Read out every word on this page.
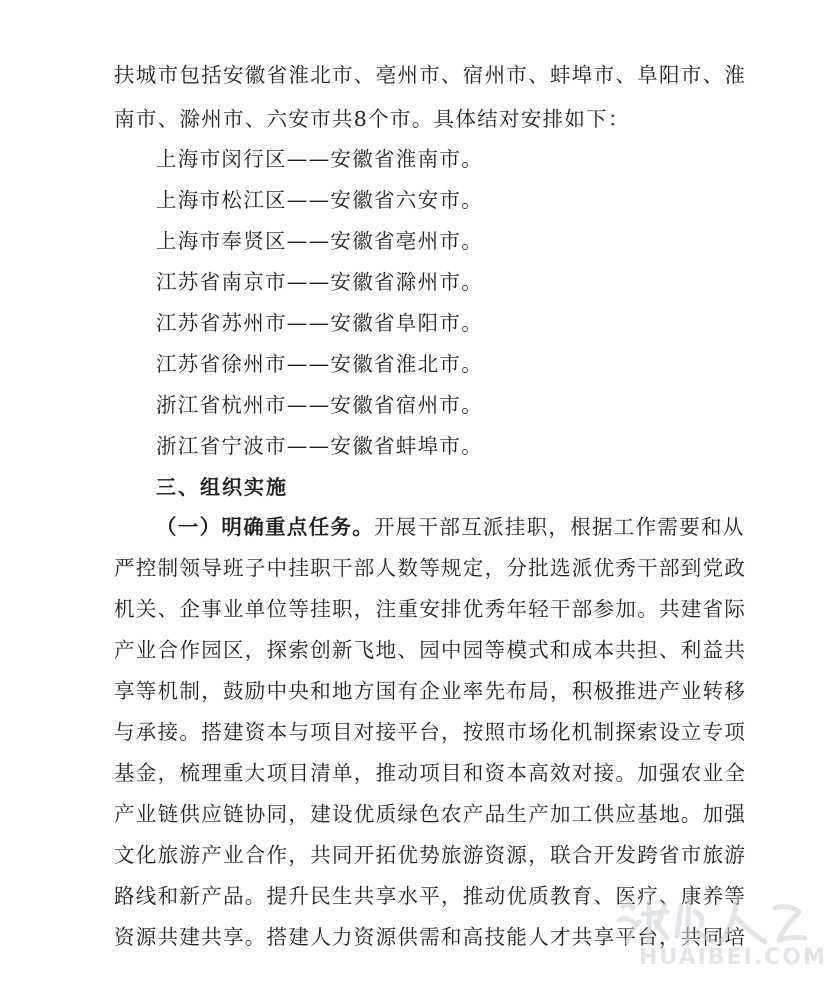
扶城市包括安徽省淮北市、亳州市、宿州市、蚌埠市、阜阳市、淮
南市、滁州市、六安市共8个市。具体结对安排如下：
上海市闵行区——安徽省淮南市。
上海市松江区——安徽省六安市。
上海市奉贤区——安徽省亳州市。
江苏省南京市——安徽省滁州市。
江苏省苏州市——安徽省阜阳市。
江苏省徐州市——安徽省淮北市。
浙江省杭州市——安徽省宿州市。
浙江省宁波市——安徽省蚌埠市。
三、组织实施
（一）明确重点任务。开展干部互派挂职，根据工作需要和从
严控制领导班子中挂职干部人数等规定，分批选派优秀干部到党政
机关、企事业单位等挂职，注重安排优秀年轻干部参加。共建省际
产业合作园区，探索创新飞地、园中园等模式和成本共担、利益共
享等机制，鼓励中央和地方国有企业率先布局，积极推进产业转移
与承接。搭建资本与项目对接平台，按照市场化机制探索设立专项
基金，梳理重大项目清单，推动项目和资本高效对接。加强农业全
产业链供应链协同，建设优质绿色农产品生产加工供应基地。加强
文化旅游产业合作，共同开拓优势旅游资源，联合开发跨省市旅游
路线和新产品。提升民生共享水平，推动优质教育、医疗、康养等
资源共建共享。搭建人力资源供需和高技能人才共享平台，共同培
HUAIBEI.COM
